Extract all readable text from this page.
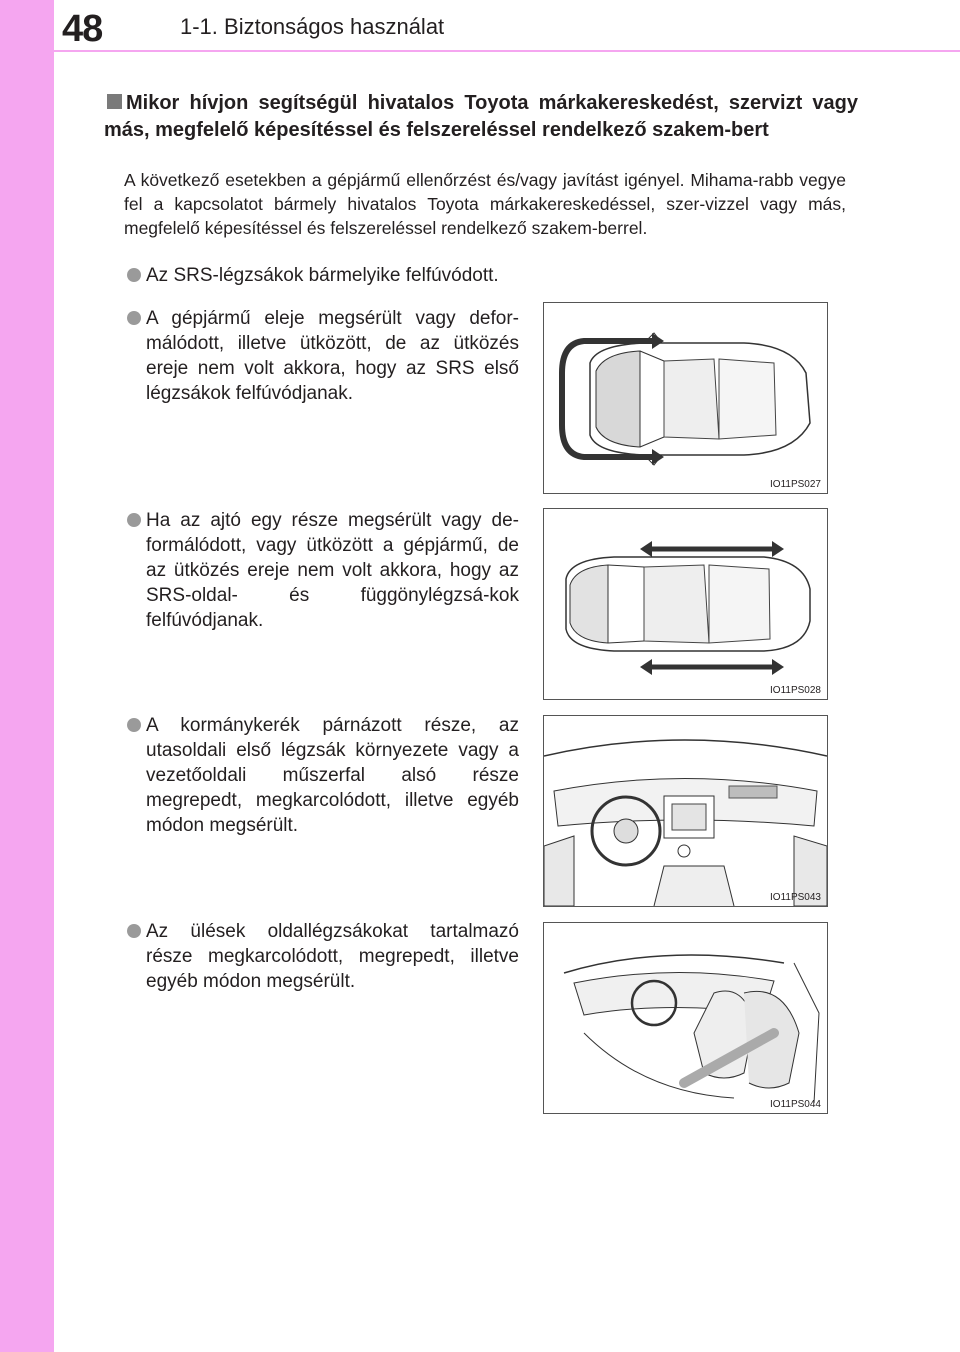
48	1-1. Biztonságos használat
Mikor hívjon segítségül hivatalos Toyota márkakereskedést, szervizt vagy más, megfelelő képesítéssel és felszereléssel rendelkező szakem-bert
A következő esetekben a gépjármű ellenőrzést és/vagy javítást igényel. Mihama-rabb vegye fel a kapcsolatot bármely hivatalos Toyota márkakereskedéssel, szer-vizzel vagy más, megfelelő képesítéssel és felszereléssel rendelkező szakem-berrel.
Az SRS-légzsákok bármelyike felfúvódott.
A gépjármű eleje megsérült vagy defor-málódott, illetve ütközött, de az ütközés ereje nem volt akkora, hogy az SRS első légzsákok felfúvódjanak.
IO11PS027
Ha az ajtó egy része megsérült vagy de-formálódott, vagy ütközött a gépjármű, de az ütközés ereje nem volt akkora, hogy az SRS-oldal- és függönylégzsá-kok felfúvódjanak.
IO11PS028
A kormánykerék párnázott része, az utasoldali első légzsák környezete vagy a vezetőoldali műszerfal alsó része megrepedt, megkarcolódott, illetve egyéb módon megsérült.
IO11PS043
Az ülések oldallégzsákokat tartalmazó része megkarcolódott, megrepedt, illetve egyéb módon megsérült.
IO11PS044
